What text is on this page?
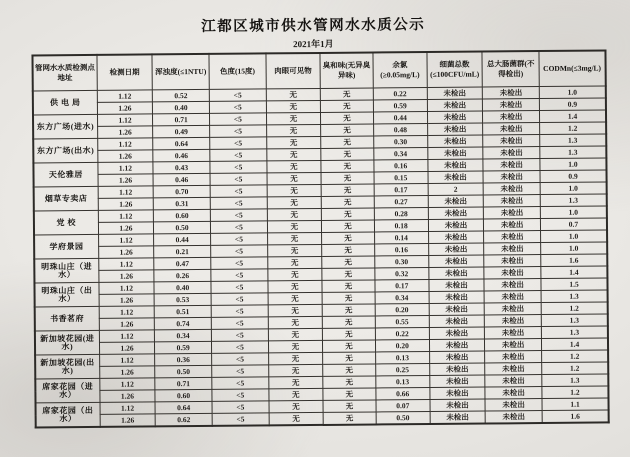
江都区城市供水管网水水质公示
2021年1月
管网水水质检测点地址	检测日期	浑浊度(≤1NTU)	色度(15度)	肉眼可见物	臭和味(无异臭异味)	余氯(≥0.05mg/L)	细菌总数(≤100CFU/mL)	总大肠菌群(不得检出)	CODMn(≤3mg/L)
供 电 局	1.12	0.52	<5	无	无	0.22	未检出	未检出	1.0
	1.26	0.40	<5	无	无	0.59	未检出	未检出	0.9
东方广场(进水)	1.12	0.71	<5	无	无	0.44	未检出	未检出	1.4
	1.26	0.49	<5	无	无	0.48	未检出	未检出	1.2
东方广场(出水)	1.12	0.64	<5	无	无	0.30	未检出	未检出	1.3
	1.26	0.46	<5	无	无	0.34	未检出	未检出	1.3
天伦雅居	1.12	0.43	<5	无	无	0.16	未检出	未检出	1.0
	1.26	0.46	<5	无	无	0.15	未检出	未检出	0.9
烟草专卖店	1.12	0.70	<5	无	无	0.17	2	未检出	1.0
	1.26	0.31	<5	无	无	0.27	未检出	未检出	1.3
党 校	1.12	0.60	<5	无	无	0.28	未检出	未检出	1.0
	1.26	0.50	<5	无	无	0.18	未检出	未检出	0.7
学府景园	1.12	0.44	<5	无	无	0.14	未检出	未检出	1.0
	1.26	0.21	<5	无	无	0.16	未检出	未检出	1.0
明珠山庄（进水）	1.12	0.47	<5	无	无	0.30	未检出	未检出	1.6
	1.26	0.26	<5	无	无	0.32	未检出	未检出	1.4
明珠山庄（出水）	1.12	0.40	<5	无	无	0.17	未检出	未检出	1.5
	1.26	0.53	<5	无	无	0.34	未检出	未检出	1.3
书香茗府	1.12	0.51	<5	无	无	0.20	未检出	未检出	1.2
	1.26	0.74	<5	无	无	0.55	未检出	未检出	1.3
新加坡花园(进水)	1.12	0.34	<5	无	无	0.22	未检出	未检出	1.3
	1.26	0.59	<5	无	无	0.20	未检出	未检出	1.4
新加坡花园(出水)	1.12	0.36	<5	无	无	0.13	未检出	未检出	1.2
	1.26	0.50	<5	无	无	0.25	未检出	未检出	1.2
席家花园（进水）	1.12	0.71	<5	无	无	0.13	未检出	未检出	1.3
	1.26	0.60	<5	无	无	0.66	未检出	未检出	1.2
席家花园（出水）	1.12	0.64	<5	无	无	0.07	未检出	未检出	1.1
	1.26	0.62	<5	无	无	0.50	未检出	未检出	1.6
